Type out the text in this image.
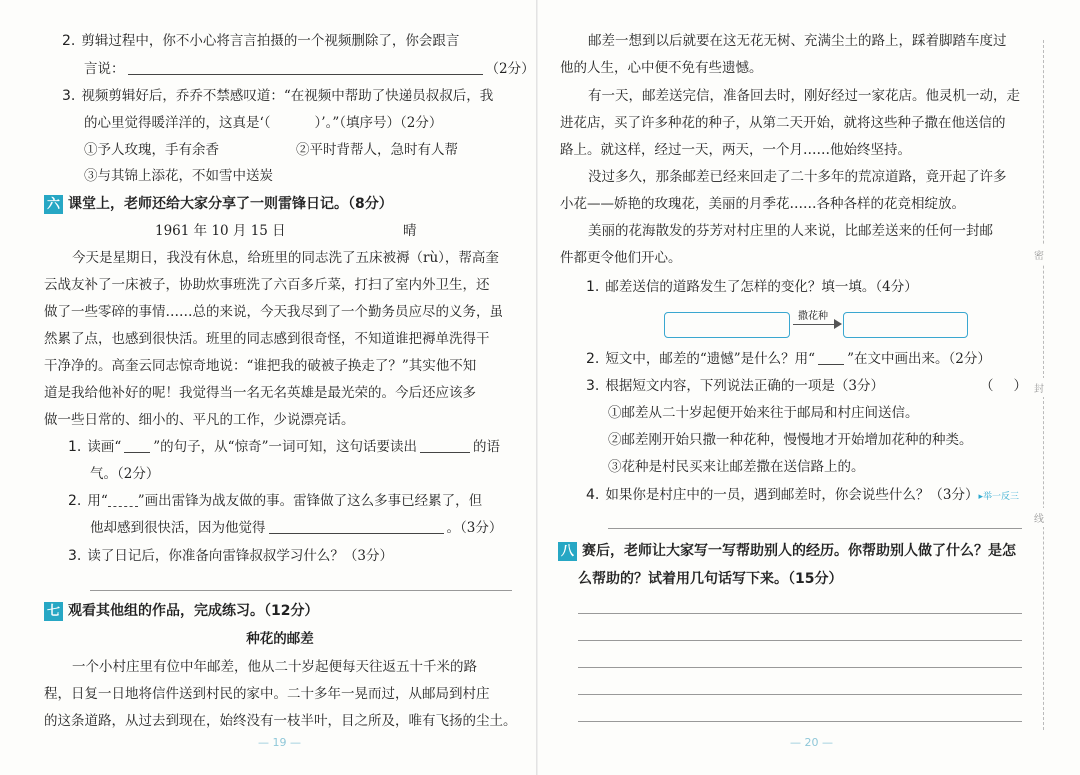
密
封
线
2. 剪辑过程中，你不小心将言言拍摄的一个视频删除了，你会跟言
言说：	（2分）
3. 视频剪辑好后，乔乔不禁感叹道：“在视频中帮助了快递员叔叔后，我
的心里觉得暖洋洋的，这真是‘（	）’。”（填序号）（2分）
①予人玫瑰，手有余香	②平时背帮人，急时有人帮
③与其锦上添花，不如雪中送炭
六 课堂上，老师还给大家分享了一则雷锋日记。（8分）
1961 年 10 月 15 日	晴
今天是星期日，我没有休息，给班里的同志洗了五床被褥（rù），帮高奎
云战友补了一床被子，协助炊事班洗了六百多斤菜，打扫了室内外卫生，还
做了一些零碎的事情……总的来说，今天我尽到了一个勤务员应尽的义务，虽
然累了点，也感到很快活。班里的同志感到很奇怪，不知道谁把褥单洗得干
干净净的。高奎云同志惊奇地说：“谁把我的破被子换走了？”其实他不知
道是我给他补好的呢！我觉得当一名无名英雄是最光荣的。今后还应该多
做一些日常的、细小的、平凡的工作，少说漂亮话。
1. 读画“ ”的句子，从“惊奇”一词可知，这句话要读出	的语
气。（2分）
2. 用“ ”画出雷锋为战友做的事。雷锋做了这么多事已经累了，但
他却感到很快活，因为他觉得	。（3分）
3. 读了日记后，你准备向雷锋叔叔学习什么？（3分）
七 观看其他组的作品，完成练习。（12分）
种花的邮差
一个小村庄里有位中年邮差，他从二十岁起便每天往返五十千米的路
程，日复一日地将信件送到村民的家中。二十多年一晃而过，从邮局到村庄
的这条道路，从过去到现在，始终没有一枝半叶，目之所及，唯有飞扬的尘土。
— 19 —
邮差一想到以后就要在这无花无树、充满尘土的路上，踩着脚踏车度过
他的人生，心中便不免有些遗憾。
有一天，邮差送完信，准备回去时，刚好经过一家花店。他灵机一动，走
进花店，买了许多种花的种子，从第二天开始，就将这些种子撒在他送信的
路上。就这样，经过一天，两天，一个月……他始终坚持。
没过多久，那条邮差已经来回走了二十多年的荒凉道路，竟开起了许多
小花——娇艳的玫瑰花，美丽的月季花……各种各样的花竞相绽放。
美丽的花海散发的芬芳对村庄里的人来说，比邮差送来的任何一封邮
件都更令他们开心。
1. 邮差送信的道路发生了怎样的变化？填一填。（4分）
撒花种
2. 短文中，邮差的“遗憾”是什么？用“ ”在文中画出来。（2分）
3. 根据短文内容，下列说法正确的一项是（3分）	（ ）
①邮差从二十岁起便开始来往于邮局和村庄间送信。
②邮差刚开始只撒一种花种，慢慢地才开始增加花种的种类。
③花种是村民买来让邮差撒在送信路上的。
4. 如果你是村庄中的一员，遇到邮差时，你会说些什么？（3分）▸举一反三
八 赛后，老师让大家写一写帮助别人的经历。你帮助别人做了什么？是怎
么帮助的？试着用几句话写下来。（15分）
— 20 —
